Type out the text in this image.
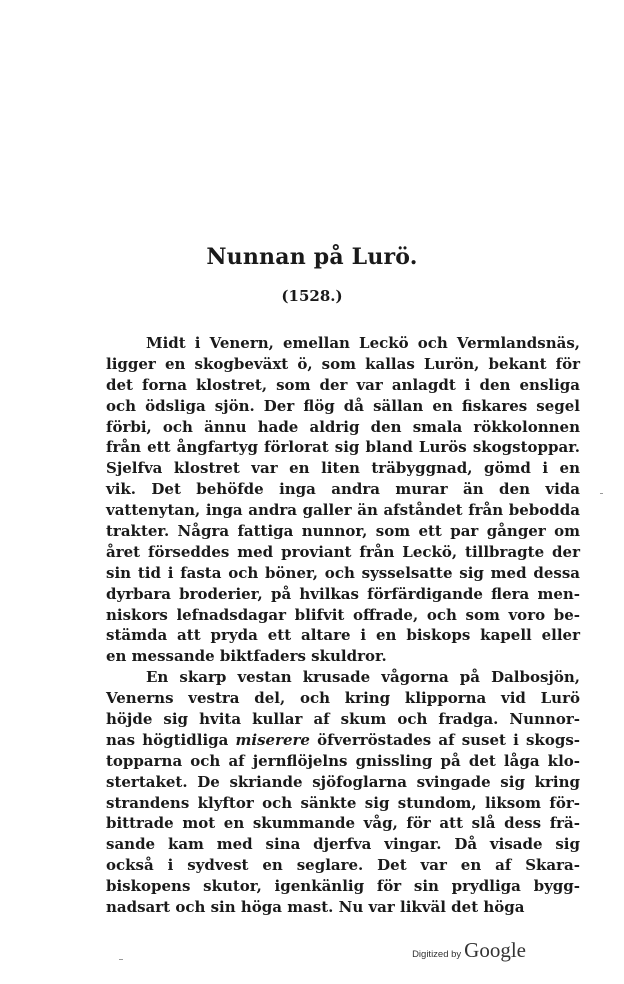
Nunnan på Lurö.
(1528.)
Midt i Venern, emellan Leckö och Vermlandsnäs,
ligger en skogbeväxt ö, som kallas Lurön, bekant för
det forna klostret, som der var anlagdt i den ensliga
och ödsliga sjön. Der flög då sällan en fiskares segel
förbi, och ännu hade aldrig den smala rökkolonnen
från ett ångfartyg förlorat sig bland Lurös skogstoppar.
Sjelfva klostret var en liten träbyggnad, gömd i en
vik. Det behöfde inga andra murar än den vida
vattenytan, inga andra galler än afståndet från bebodda
trakter. Några fattiga nunnor, som ett par gånger om
året förseddes med proviant från Leckö, tillbragte der
sin tid i fasta och böner, och sysselsatte sig med dessa
dyrbara broderier, på hvilkas förfärdigande flera men-
niskors lefnadsdagar blifvit offrade, och som voro be-
stämda att pryda ett altare i en biskops kapell eller
en messande biktfaders skuldror.
En skarp vestan krusade vågorna på Dalbosjön,
Venerns vestra del, och kring klipporna vid Lurö
höjde sig hvita kullar af skum och fradga. Nunnor-
nas högtidliga miserere öfverröstades af suset i skogs-
topparna och af jernflöjelns gnissling på det låga klo-
stertaket. De skriande sjöfoglarna svingade sig kring
strandens klyftor och sänkte sig stundom, liksom för-
bittrade mot en skummande våg, för att slå dess frä-
sande kam med sina djerfva vingar. Då visade sig
också i sydvest en seglare. Det var en af Skara-
biskopens skutor, igenkänlig för sin prydliga bygg-
nadsart och sin höga mast. Nu var likväl det höga
Digitized by Google
